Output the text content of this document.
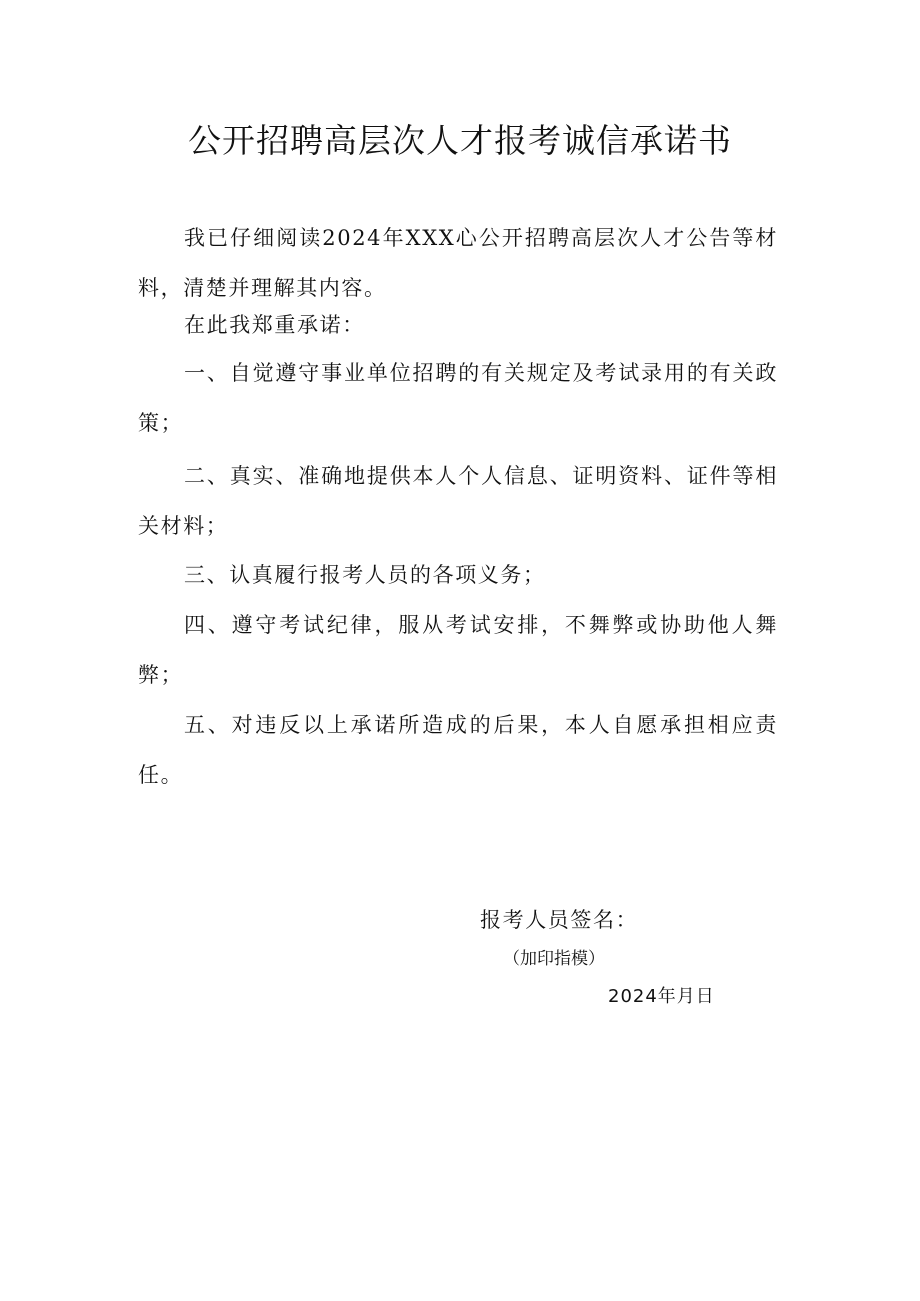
公开招聘高层次人才报考诚信承诺书

我已仔细阅读2024年XXX心公开招聘高层次人才公告等材料，清楚并理解其内容。

在此我郑重承诺：

一、自觉遵守事业单位招聘的有关规定及考试录用的有关政策；

二、真实、准确地提供本人个人信息、证明资料、证件等相关材料；

三、认真履行报考人员的各项义务；

四、遵守考试纪律，服从考试安排，不舞弊或协助他人舞弊；

五、对违反以上承诺所造成的后果，本人自愿承担相应责任。

报考人员签名：

（加印指模）

2024年月日
